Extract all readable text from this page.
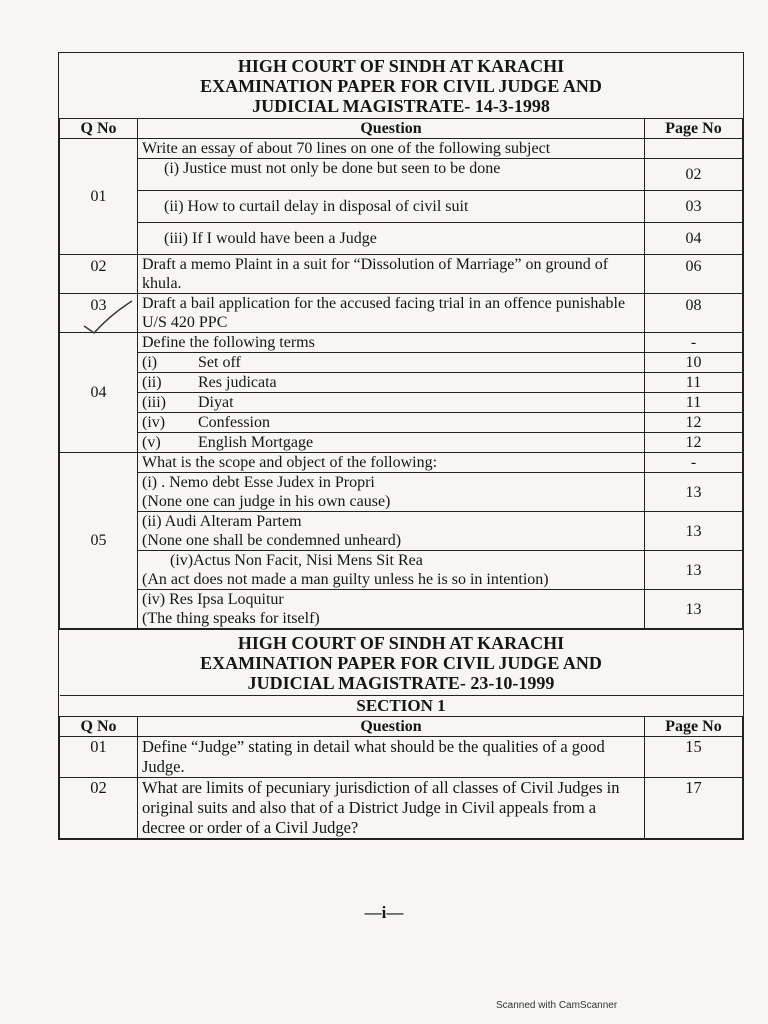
HIGH COURT OF SINDH AT KARACHI
EXAMINATION PAPER FOR CIVIL JUDGE AND
JUDICIAL MAGISTRATE- 14-3-1998
Q No	Question	Page No
01	Write an essay of about 70 lines on one of the following subject	
	(i) Justice must not only be done but seen to be done	02
	(ii) How to curtail delay in disposal of civil suit	03
	(iii) If I would have been a Judge	04
02	Draft a memo Plaint in a suit for “Dissolution of Marriage” on ground of khula.	06
03	Draft a bail application for the accused facing trial in an offence punishable U/S 420 PPC	08
04	Define the following terms	-
	(i) Set off	10
	(ii) Res judicata	11
	(iii) Diyat	11
	(iv) Confession	12
	(v) English Mortgage	12
05	What is the scope and object of the following:	-

	(i) . Nemo debt Esse Judex in Propri
(None one can judge in his own cause)	13

	(ii) Audi Alteram Partem
(None one shall be condemned unheard)	13

	(iv)Actus Non Facit, Nisi Mens Sit Rea
(An act does not made a man guilty unless he is so in intention)	13

	(iv) Res Ipsa Loquitur
(The thing speaks for itself)	13
HIGH COURT OF SINDH AT KARACHI
EXAMINATION PAPER FOR CIVIL JUDGE AND
JUDICIAL MAGISTRATE- 23-10-1999
SECTION 1		
Q No	Question	Page No
01	Define “Judge” stating in detail what should be the qualities of a good Judge.	15
02	What are limits of pecuniary jurisdiction of all classes of Civil Judges in original suits and also that of a District Judge in Civil appeals from a decree or order of a Civil Judge?	17
—i—
Scanned with CamScanner
